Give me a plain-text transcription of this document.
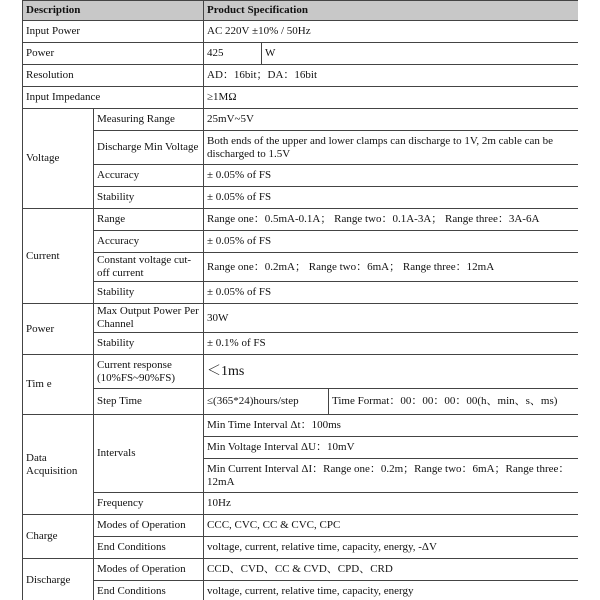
Description		Product Specification		
Input Power		AC 220V ±10% / 50Hz		
Power		425	W	
Resolution		AD：16bit；DA：16bit		
Input Impedance		≥1MΩ		
Voltage	Measuring Range	25mV~5V		
	Discharge Min Voltage	Both ends of the upper and lower clamps can discharge to 1V, 2m cable can be discharged to 1.5V		
	Accuracy	± 0.05% of FS		
	Stability	± 0.05% of FS		
Current	Range	Range one：0.5mA-0.1A； Range two：0.1A-3A； Range three：3A-6A		
	Accuracy	± 0.05% of FS		
	Constant voltage cut-off current	Range one：0.2mA； Range two：6mA； Range three：12mA		
	Stability	± 0.05% of FS		
Power	Max Output Power Per Channel	30W		
	Stability	± 0.1% of FS		
Tim e	Current response (10%FS~90%FS)	＜1ms		
	Step Time	≤(365*24)hours/step		Time Format：00：00：00：00(h、min、s、ms)
Data Acquisition	Intervals	Min Time Interval Δt：100ms		
		Min Voltage Interval ΔU：10mV		
		Min Current Interval ΔI：Range one：0.2m；Range two：6mA；Range three：12mA		
	Frequency	10Hz		
Charge	Modes of Operation	CCC, CVC, CC & CVC, CPC		
	End Conditions	voltage, current, relative time, capacity, energy, -ΔV		
Discharge	Modes of Operation	CCD、CVD、CC & CVD、CPD、CRD		
	End Conditions	voltage, current, relative time, capacity, energy		
